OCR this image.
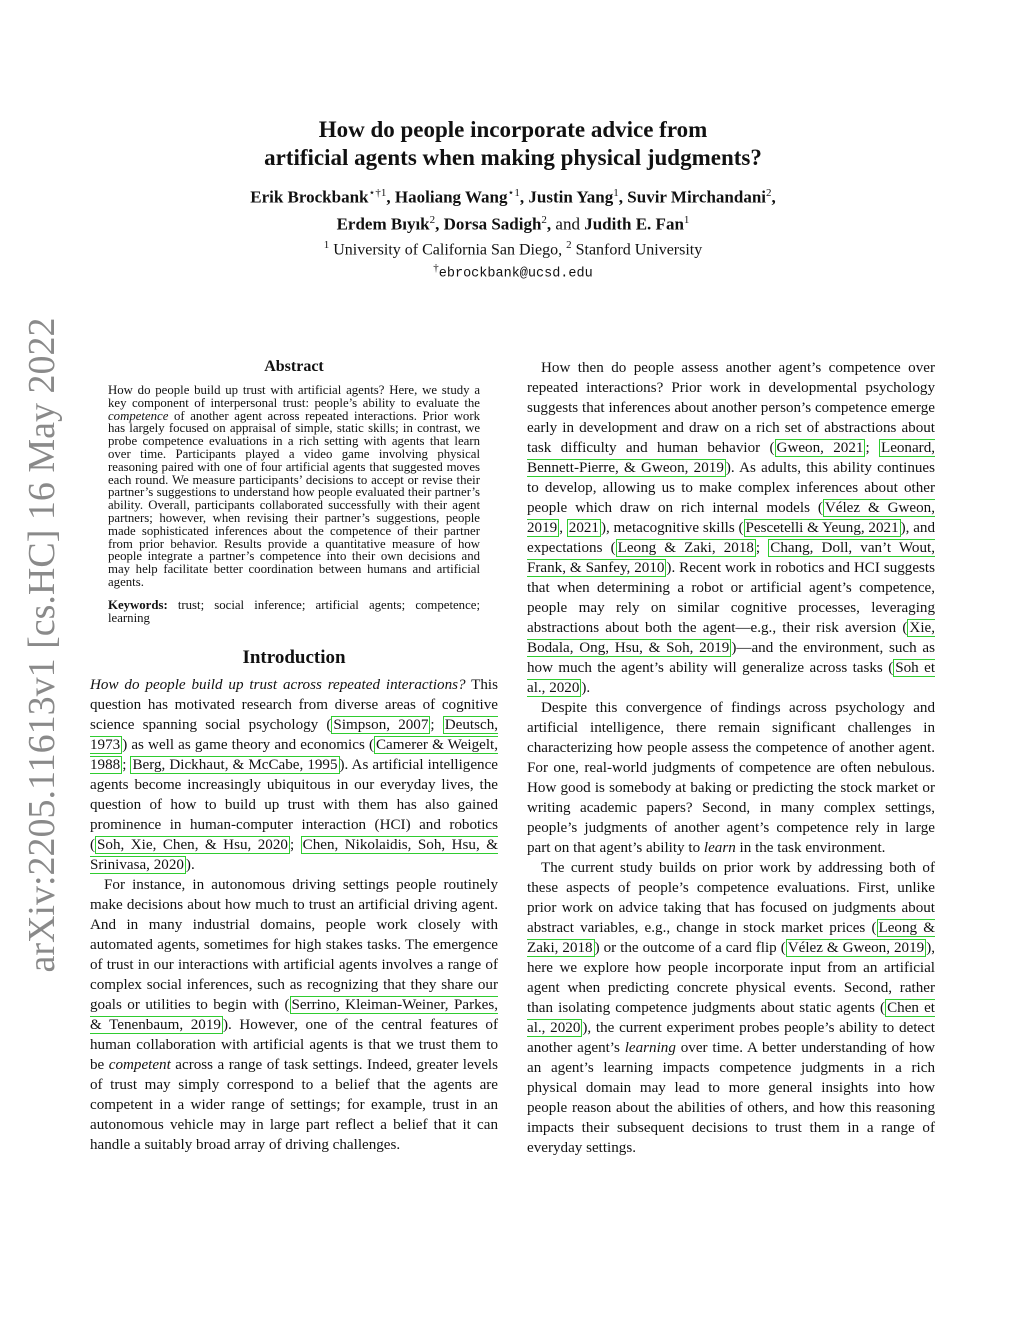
arXiv:2205.11613v1 [cs.HC] 16 May 2022
How do people incorporate advice from
artificial agents when making physical judgments?
Erik Brockbank$^{⋆\dagger 1}$, Haoliang Wang$^{⋆1}$, Justin Yang$^1$, Suvir Mirchandani$^2$,
Erdem Bıyık$^2$, Dorsa Sadigh$^2$, and Judith E. Fan$^1$
$^1$ University of California San Diego, $^2$ Stanford University
†ebrockbank@ucsd.edu
Abstract

How do people build up trust with artificial agents? Here, we study a key component of interpersonal trust: people’s ability to evaluate the competence of another agent across repeated interactions. Prior work has largely focused on appraisal of simple, static skills; in contrast, we probe competence evaluations in a rich setting with agents that learn over time. Participants played a video game involving physical reasoning paired with one of four artificial agents that suggested moves each round. We measure participants’ decisions to accept or revise their partner’s suggestions to understand how people evaluated their partner’s ability. Overall, participants collaborated successfully with their agent partners; however, when revising their partner’s suggestions, people made sophisticated inferences about the competence of their partner from prior behavior. Results provide a quantitative measure of how people integrate a partner’s competence into their own decisions and may help facilitate better coordination between humans and artificial agents.

Keywords: trust; social inference; artificial agents; competence; learning

Introduction

How do people build up trust across repeated interactions? This question has motivated research from diverse areas of cognitive science spanning social psychology ( Simpson, 2007 ; Deutsch, 1973 ) as well as game theory and economics ( Camerer & Weigelt, 1988 ; Berg, Dickhaut, & McCabe, 1995 ). As artificial intelligence agents become increasingly ubiquitous in our everyday lives, the question of how to build up trust with them has also gained prominence in human-computer interaction (HCI) and robotics ( Soh, Xie, Chen, & Hsu, 2020 ; Chen, Nikolaidis, Soh, Hsu, & Srinivasa, 2020 ).

For instance, in autonomous driving settings people routinely make decisions about how much to trust an artificial driving agent. And in many industrial domains, people work closely with automated agents, sometimes for high stakes tasks. The emergence of trust in our interactions with artificial agents involves a range of complex social inferences, such as recognizing that they share our goals or utilities to begin with ( Serrino, Kleiman-Weiner, Parkes, & Tenenbaum, 2019 ). However, one of the central features of human collaboration with artificial agents is that we trust them to be competent across a range of task settings. Indeed, greater levels of trust may simply correspond to a belief that the agents are competent in a wider range of settings; for example, trust in an autonomous vehicle may in large part reflect a belief that it can handle a suitably broad array of driving challenges.

How then do people assess another agent’s competence over repeated interactions? Prior work in developmental psychology suggests that inferences about another person’s competence emerge early in development and draw on a rich set of abstractions about task difficulty and human behavior ( Gweon, 2021 ; Leonard, Bennett-Pierre, & Gweon, 2019 ). As adults, this ability continues to develop, allowing us to make complex inferences about other people which draw on rich internal models ( Vélez & Gweon, 2019 , 2021 ), metacognitive skills ( Pescetelli & Yeung, 2021 ), and expectations ( Leong & Zaki, 2018 ; Chang, Doll, van’t Wout, Frank, & Sanfey, 2010 ). Recent work in robotics and HCI suggests that when determining a robot or artificial agent’s competence, people may rely on similar cognitive processes, leveraging abstractions about both the agent—e.g., their risk aversion ( Xie, Bodala, Ong, Hsu, & Soh, 2019 )—and the environment, such as how much the agent’s ability will generalize across tasks ( Soh et al., 2020 ).

Despite this convergence of findings across psychology and artificial intelligence, there remain significant challenges in characterizing how people assess the competence of another agent. For one, real-world judgments of competence are often nebulous. How good is somebody at baking or predicting the stock market or writing academic papers? Second, in many complex settings, people’s judgments of another agent’s competence rely in large part on that agent’s ability to learn in the task environment.

The current study builds on prior work by addressing both of these aspects of people’s competence evaluations. First, unlike prior work on advice taking that has focused on judgments about abstract variables, e.g., change in stock market prices ( Leong & Zaki, 2018 ) or the outcome of a card flip ( Vélez & Gweon, 2019 ), here we explore how people incorporate input from an artificial agent when predicting concrete physical events. Second, rather than isolating competence judgments about static agents ( Chen et al., 2020 ), the current experiment probes people’s ability to detect another agent’s learning over time. A better understanding of how an agent’s learning impacts competence judgments in a rich physical domain may lead to more general insights into how people reason about the abilities of others, and how this reasoning impacts their subsequent decisions to trust them in a range of everyday settings.
